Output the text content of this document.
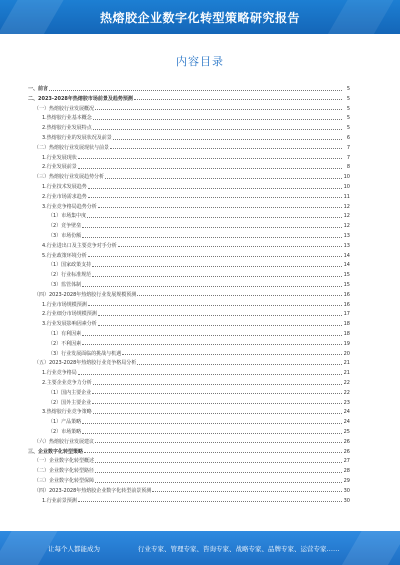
热熔胶企业数字化转型策略研究报告
内容目录
一、前言	5
二、2023-2028年热熔胶市场前景及趋势预测	5
（一）热熔胶行业发展概况	5
1.热熔胶行业基本概念	5
2.热熔胶行业发展特点	5
3.热熔胶行业的发展状况及前景	6
（二）热熔胶行业发展现状与前景	7
1.行业发展现状	7
2.行业发展前景	8
（三）热熔胶行业发展趋势分析	10
1.行业技术发展趋势	10
2.行业市场需求趋势	11
3.行业竞争格局趋势分析	12
（1）市场集中度	12
（2）竞争壁垒	12
（3）市场份额	13
4.行业进出口及主要竞争对手分析	13
5.行业政策环境分析	14
（1）国家政策支持	14
（2）行业标准规范	15
（3）监管体制	15
（四）2023-2028年热熔胶行业发展规模预测	16
1.行业市场规模预测	16
2.行业细分市场规模预测	17
3.行业发展影响因素分析	18
（1）有利因素	18
（2）不利因素	19
（3）行业发展面临的挑战与机遇	20
（五）2023-2028年热熔胶行业竞争格局分析	21
1.行业竞争格局	21
2.主要企业竞争力分析	22
（1）国内主要企业	22
（2）国外主要企业	23
3.热熔胶行业竞争策略	24
（1）产品策略	24
（2）市场策略	25
（六）热熔胶行业发展建议	26
三、企业数字化转型策略	26
（一）企业数字化转型概述	27
（二）企业数字化转型路径	28
（三）企业数字化转型保障	29
（四）2023-2028年热熔胶企业数字化转型前景预测	30
1.行业前景预测	30
让每个人都能成为	行业专家、管理专家、咨询专家、战略专家、品牌专家、运营专家……
